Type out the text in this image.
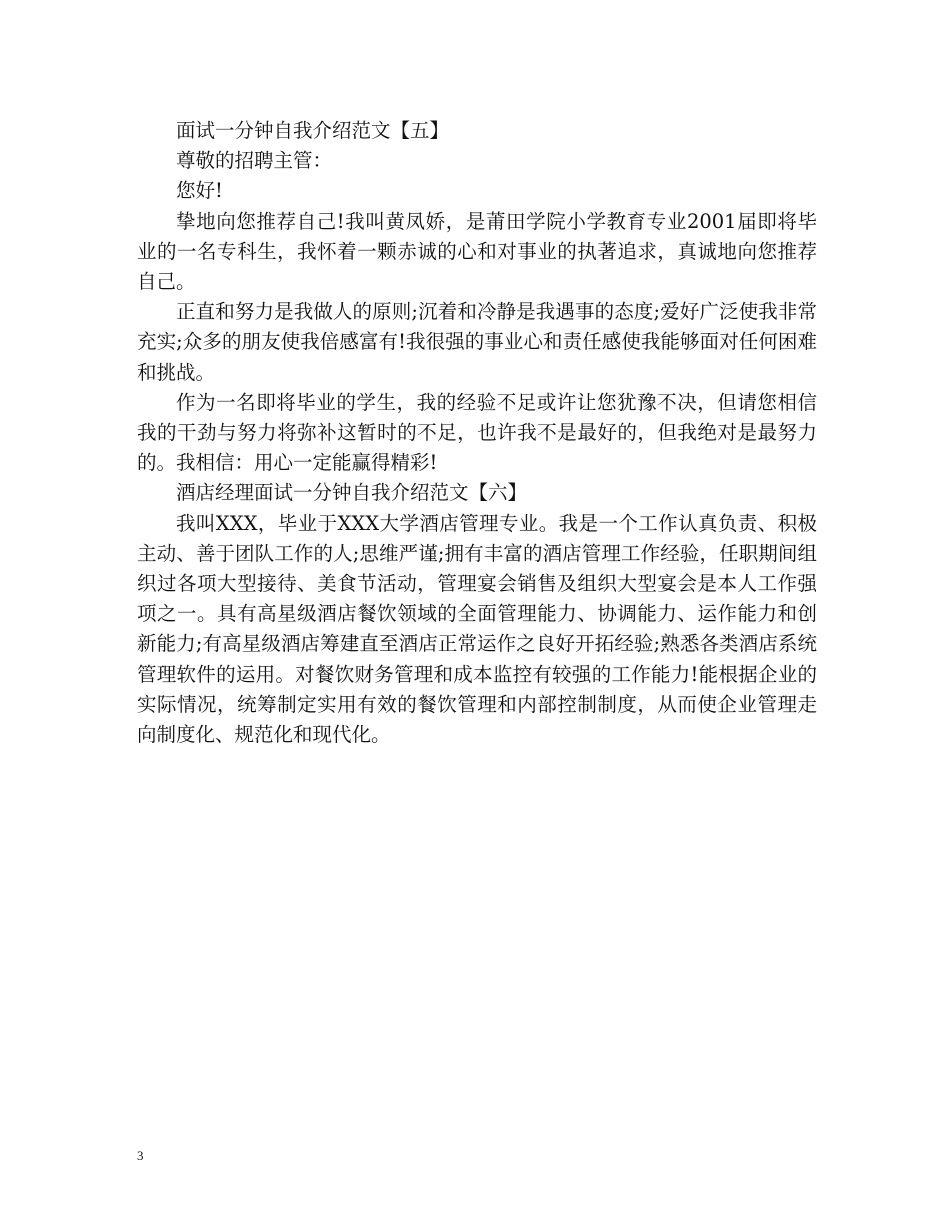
面试一分钟自我介绍范文【五】

尊敬的招聘主管：

您好!

挚地向您推荐自己!我叫黄凤娇，是莆田学院小学教育专业2001届即将毕业的一名专科生，我怀着一颗赤诚的心和对事业的执著追求，真诚地向您推荐自己。

正直和努力是我做人的原则;沉着和冷静是我遇事的态度;爱好广泛使我非常充实;众多的朋友使我倍感富有!我很强的事业心和责任感使我能够面对任何困难和挑战。

作为一名即将毕业的学生，我的经验不足或许让您犹豫不决，但请您相信我的干劲与努力将弥补这暂时的不足，也许我不是最好的，但我绝对是最努力的。我相信：用心一定能赢得精彩!

酒店经理面试一分钟自我介绍范文【六】

我叫XXX，毕业于XXX大学酒店管理专业。我是一个工作认真负责、积极主动、善于团队工作的人;思维严谨;拥有丰富的酒店管理工作经验，任职期间组织过各项大型接待、美食节活动，管理宴会销售及组织大型宴会是本人工作强项之一。具有高星级酒店餐饮领域的全面管理能力、协调能力、运作能力和创新能力;有高星级酒店筹建直至酒店正常运作之良好开拓经验;熟悉各类酒店系统管理软件的运用。对餐饮财务管理和成本监控有较强的工作能力!能根据企业的实际情况，统筹制定实用有效的餐饮管理和内部控制制度，从而使企业管理走向制度化、规范化和现代化。

3
